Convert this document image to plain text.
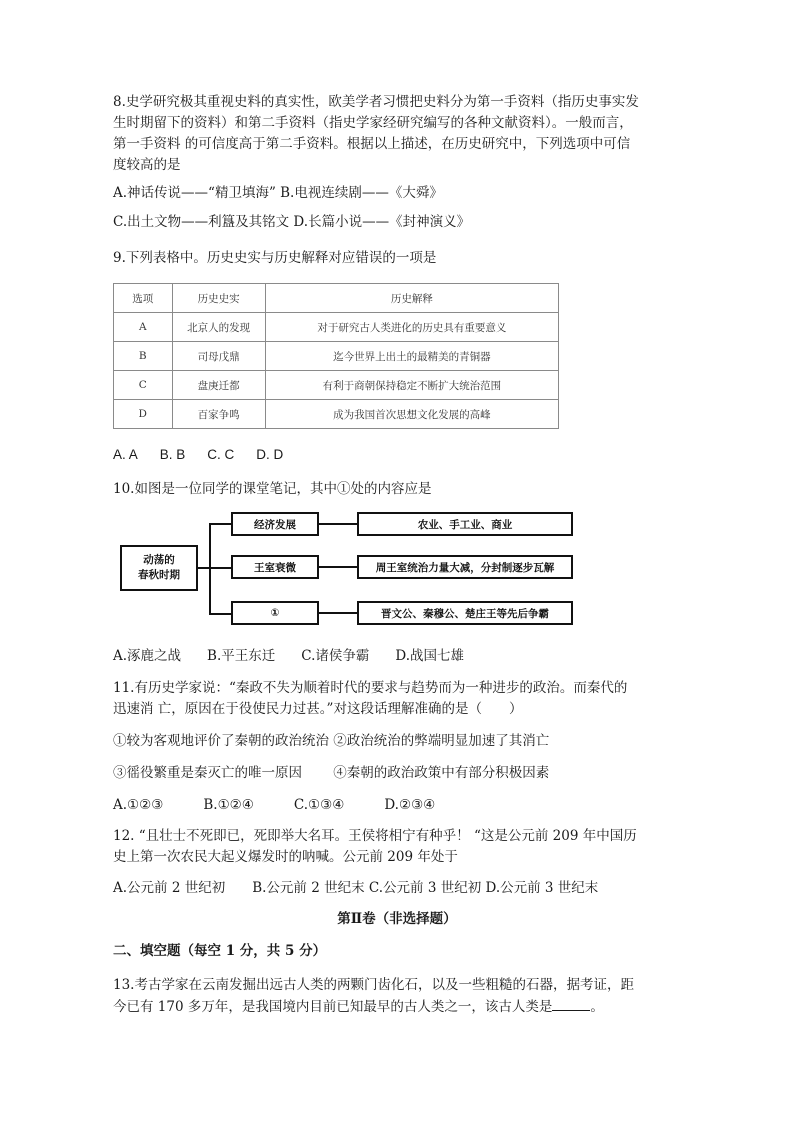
8.史学研究极其重视史料的真实性，欧美学者习惯把史料分为第一手资料（指历史事实发
生时期留下的资料）和第二手资料（指史学家经研究编写的各种文献资料）。一般而言，
第一手资料 的可信度高于第二手资料。根据以上描述，在历史研究中，下列选项中可信
度较高的是
A.神话传说——“精卫填海” B.电视连续剧——《大舜》
C.出土文物——利簋及其铭文 D.长篇小说——《封神演义》
9.下列表格中。历史史实与历史解释对应错误的一项是
选项	历史史实	历史解释
A	北京人的发现	对于研究古人类进化的历史具有重要意义
B	司母戊鼎	迄今世界上出土的最精美的青铜器
C	盘庚迁都	有利于商朝保持稳定不断扩大统治范围
D	百家争鸣	成为我国首次思想文化发展的高峰
A. A B. B C. C D. D
10.如图是一位同学的课堂笔记，其中①处的内容应是
动荡的
春秋时期
经济发展	农业、手工业、商业
王室衰微	周王室统治力量大减，分封制逐步瓦解
①	晋文公、秦穆公、楚庄王等先后争霸
A.涿鹿之战 B.平王东迁 C.诸侯争霸 D.战国七雄
11.有历史学家说：“秦政不失为顺着时代的要求与趋势而为一种进步的政治。而秦代的
迅速消 亡，原因在于役使民力过甚。”对这段话理解准确的是（　　）
①较为客观地评价了秦朝的政治统治 ②政治统治的弊端明显加速了其消亡
③徭役繁重是秦灭亡的唯一原因　　 ④秦朝的政治政策中有部分积极因素
A.①②③	B.①②④	C.①③④	D.②③④
12. “且壮士不死即已，死即举大名耳。王侯将相宁有种乎！ “这是公元前 209 年中国历
史上第一次农民大起义爆发时的呐喊。公元前 209 年处于
A.公元前 2 世纪初　　B.公元前 2 世纪末 C.公元前 3 世纪初 D.公元前 3 世纪末
第Ⅱ卷（非选择题）
二、填空题（每空 1 分，共 5 分）
13.考古学家在云南发掘出远古人类的两颗门齿化石，以及一些粗糙的石器，据考证，距
今已有 170 多万年，是我国境内目前已知最早的古人类之一，该古人类是	。
